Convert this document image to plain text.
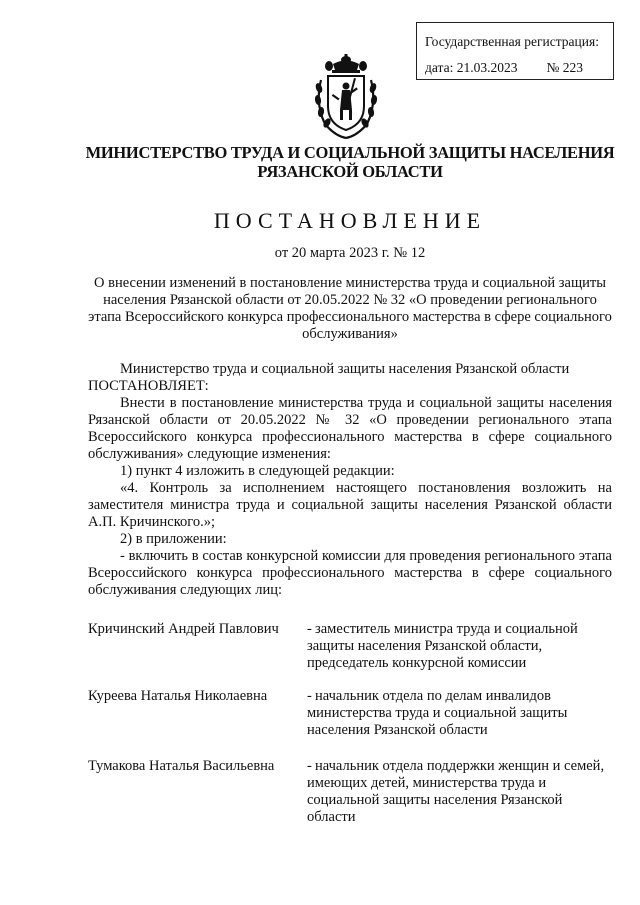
Государственная регистрация:
дата: 21.03.2023 № 223
МИНИСТЕРСТВО ТРУДА И СОЦИАЛЬНОЙ ЗАЩИТЫ НАСЕЛЕНИЯ
РЯЗАНСКОЙ ОБЛАСТИ
ПОСТАНОВЛЕНИЕ
от 20 марта 2023 г. № 12
О внесении изменений в постановление министерства труда и социальной защиты населения Рязанской области от 20.05.2022 № 32 «О проведении регионального этапа Всероссийского конкурса профессионального мастерства в сфере социального обслуживания»

Министерство труда и социальной защиты населения Рязанской области

ПОСТАНОВЛЯЕТ:

Внести в постановление министерства труда и социальной защиты населения Рязанской области от 20.05.2022 № 32 «О проведении регионального этапа Всероссийского конкурса профессионального мастерства в сфере социального обслуживания» следующие изменения:

1) пункт 4 изложить в следующей редакции:

«4. Контроль за исполнением настоящего постановления возложить на заместителя министра труда и социальной защиты населения Рязанской области А.П. Кричинского.»;

2) в приложении:

- включить в состав конкурсной комиссии для проведения регионального этапа Всероссийского конкурса профессионального мастерства в сфере социального обслуживания следующих лиц:

Кричинский Андрей Павлович	- заместитель министра труда и социальной защиты населения Рязанской области, председатель конкурсной комиссии
Куреева Наталья Николаевна	- начальник отдела по делам инвалидов министерства труда и социальной защиты населения Рязанской области
Тумакова Наталья Васильевна	- начальник отдела поддержки женщин и семей, имеющих детей, министерства труда и социальной защиты населения Рязанской области
